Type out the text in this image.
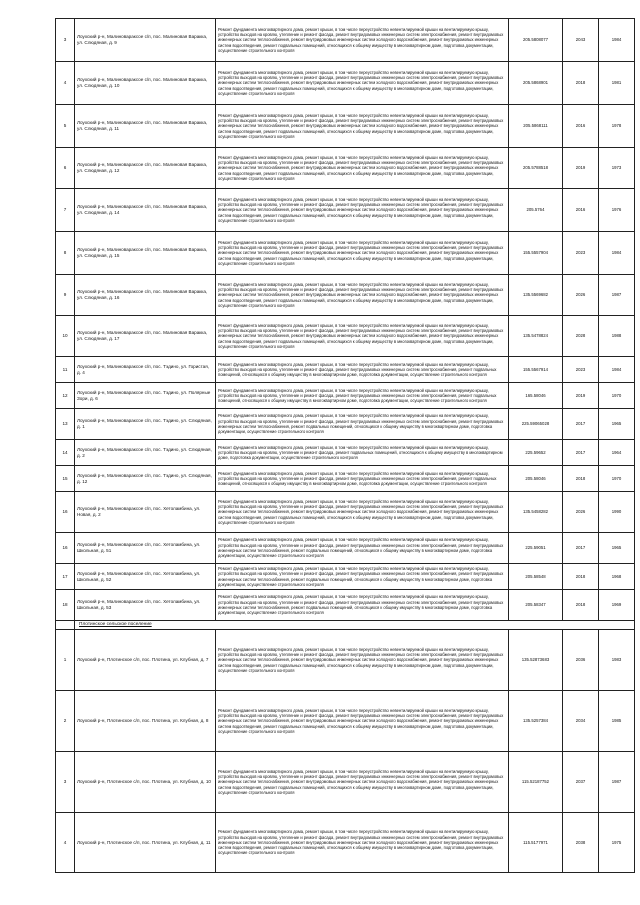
3	Лоухский р-н, Малиновараксое с/п, пос. Малиновая Варакка, ул. Слюдяная, д. 9	Ремонт фундамента многоквартирного дома, ремонт крыши, в том числе переустройство невентилируемой крыши на вентилируемую крышу, устройство выходов на кровлю, утепление и ремонт фасада, ремонт внутридомовых инженерных систем электроснабжения, ремонт внутридомовых инженерных систем теплоснабжения, ремонт внутридомовых инженерных систем холодного водоснабжения, ремонт внутридомовых инженерных систем водоотведения, ремонт подвальных помещений, относящихся к общему имуществу в многоквартирном доме, подготовка документации, осуществление строительного контроля	205.5808077	2043	1984
4	Лоухский р-н, Малиновараксое с/п, пос. Малиновая Варакка, ул. Слюдяная, д. 10	Ремонт фундамента многоквартирного дома, ремонт крыши, в том числе переустройство невентилируемой крыши на вентилируемую крышу, устройство выходов на кровлю, утепление и ремонт фасада, ремонт внутридомовых инженерных систем электроснабжения, ремонт внутридомовых инженерных систем теплоснабжения, ремонт внутридомовых инженерных систем холодного водоснабжения, ремонт внутридомовых инженерных систем водоотведения, ремонт подвальных помещений, относящихся к общему имуществу в многоквартирном доме, подготовка документации, осуществление строительного контроля	205.5868901	2018	1981
5	Лоухский р-н, Малиновараксое с/п, пос. Малиновая Варакка, ул. Слюдяная, д. 11	Ремонт фундамента многоквартирного дома, ремонт крыши, в том числе переустройство невентилируемой крыши на вентилируемую крышу, устройство выходов на кровлю, утепление и ремонт фасада, ремонт внутридомовых инженерных систем электроснабжения, ремонт внутридомовых инженерных систем теплоснабжения, ремонт внутридомовых инженерных систем холодного водоснабжения, ремонт внутридомовых инженерных систем водоотведения, ремонт подвальных помещений, относящихся к общему имуществу в многоквартирном доме, подготовка документации, осуществление строительного контроля	205.5868111	2016	1978
6	Лоухский р-н, Малиновараксое с/п, пос. Малиновая Варакка, ул. Слюдяная, д. 12	Ремонт фундамента многоквартирного дома, ремонт крыши, в том числе переустройство невентилируемой крыши на вентилируемую крышу, устройство выходов на кровлю, утепление и ремонт фасада, ремонт внутридомовых инженерных систем электроснабжения, ремонт внутридомовых инженерных систем теплоснабжения, ремонт внутридомовых инженерных систем холодного водоснабжения, ремонт внутридомовых инженерных систем водоотведения, ремонт подвальных помещений, относящихся к общему имуществу в многоквартирном доме, подготовка документации, осуществление строительного контроля	205.5788518	2019	1973
7	Лоухский р-н, Малиновараксое с/п, пос. Малиновая Варакка, ул. Слюдяная, д. 14	Ремонт фундамента многоквартирного дома, ремонт крыши, в том числе переустройство невентилируемой крыши на вентилируемую крышу, устройство выходов на кровлю, утепление и ремонт фасада, ремонт внутридомовых инженерных систем электроснабжения, ремонт внутридомовых инженерных систем теплоснабжения, ремонт внутридомовых инженерных систем холодного водоснабжения, ремонт внутридомовых инженерных систем водоотведения, ремонт подвальных помещений, относящихся к общему имуществу в многоквартирном доме, подготовка документации, осуществление строительного контроля	205.5764	2016	1976
8	Лоухский р-н, Малиновараксое с/п, пос. Малиновая Варакка, ул. Слюдяная, д. 15	Ремонт фундамента многоквартирного дома, ремонт крыши, в том числе переустройство невентилируемой крыши на вентилируемую крышу, устройство выходов на кровлю, утепление и ремонт фасада, ремонт внутридомовых инженерных систем электроснабжения, ремонт внутридомовых инженерных систем теплоснабжения, ремонт внутридомовых инженерных систем холодного водоснабжения, ремонт внутридомовых инженерных систем водоотведения, ремонт подвальных помещений, относящихся к общему имуществу в многоквартирном доме, подготовка документации, осуществление строительного контроля	155.5557904	2023	1984
9	Лоухский р-н, Малиновараксое с/п, пос. Малиновая Варакка, ул. Слюдяная, д. 16	Ремонт фундамента многоквартирного дома, ремонт крыши, в том числе переустройство невентилируемой крыши на вентилируемую крышу, устройство выходов на кровлю, утепление и ремонт фасада, ремонт внутридомовых инженерных систем электроснабжения, ремонт внутридомовых инженерных систем теплоснабжения, ремонт внутридомовых инженерных систем холодного водоснабжения, ремонт внутридомовых инженерных систем водоотведения, ремонт подвальных помещений, относящихся к общему имуществу в многоквартирном доме, подготовка документации, осуществление строительного контроля	135.5569682	2026	1987
10	Лоухский р-н, Малиновараксое с/п, пос. Малиновая Варакка, ул. Слюдяная, д. 17	Ремонт фундамента многоквартирного дома, ремонт крыши, в том числе переустройство невентилируемой крыши на вентилируемую крышу, устройство выходов на кровлю, утепление и ремонт фасада, ремонт внутридомовых инженерных систем электроснабжения, ремонт внутридомовых инженерных систем теплоснабжения, ремонт внутридомовых инженерных систем холодного водоснабжения, ремонт внутридомовых инженерных систем водоотведения, ремонт подвальных помещений, относящихся к общему имуществу в многоквартирном доме, подготовка документации, осуществление строительного контроля	135.5478824	2028	1988
11	Лоухский р-н, Малиновараксое с/п, пос. Тэдино, ул. Гористая, д. 4	Ремонт фундамента многоквартирного дома, ремонт крыши, в том числе переустройство невентилируемой крыши на вентилируемую крышу, устройство выходов на кровлю, утепление и ремонт фасада, ремонт внутридомовых инженерных систем электроснабжения, ремонт подвальных помещений, относящихся к общему имуществу в многоквартирном доме, подготовка документации, осуществление строительного контроля	155.5567914	2023	1984
12	Лоухский р-н, Малиновараксое с/п, пос. Тэдино, ул. Полярные Зори, д. 6	Ремонт фундамента многоквартирного дома, ремонт крыши, в том числе переустройство невентилируемой крыши на вентилируемую крышу, устройство выходов на кровлю, утепление и ремонт фасада, ремонт внутридомовых инженерных систем электроснабжения, ремонт подвальных помещений, относящихся к общему имуществу в многоквартирном доме, подготовка документации, осуществление строительного контроля	165.58046	2019	1970
13	Лоухский р-н, Малиновараксое с/п, пос. Тэдино, ул. Слюдяная, д. 1	Ремонт фундамента многоквартирного дома, ремонт крыши, в том числе переустройство невентилируемой крыши на вентилируемую крышу, устройство выходов на кровлю, утепление и ремонт фасада, ремонт внутридомовых инженерных систем электроснабжения, ремонт внутридомовых инженерных систем теплоснабжения, ремонт подвальных помещений, относящихся к общему имуществу в многоквартирном доме, подготовка документации, осуществление строительного контроля	225.59065028	2017	1965
14	Лоухский р-н, Малиновараксое с/п, пос. Тэдино, ул. Слюдяная, д. 2	Ремонт фундамента многоквартирного дома, ремонт крыши, в том числе переустройство невентилируемой крыши на вентилируемую крышу, устройство выходов на кровлю, утепление и ремонт фасада, ремонт подвальных помещений, относящихся к общему имуществу в многоквартирном доме, подготовка документации, осуществление строительного контроля	225.59652	2017	1964
15	Лоухский р-н, Малиновараксое с/п, пос. Тэдино, ул. Слюдяная, д. 12	Ремонт фундамента многоквартирного дома, ремонт крыши, в том числе переустройство невентилируемой крыши на вентилируемую крышу, устройство выходов на кровлю, утепление и ремонт фасада, ремонт внутридомовых инженерных систем электроснабжения, ремонт подвальных помещений, относящихся к общему имуществу в многоквартирном доме, подготовка документации, осуществление строительного контроля	205.58046	2018	1970
16	Лоухский р-н, Малиновараксое с/п, пос. Хетоламбина, ул. Новая, д. 2	Ремонт фундамента многоквартирного дома, ремонт крыши, в том числе переустройство невентилируемой крыши на вентилируемую крышу, устройство выходов на кровлю, утепление и ремонт фасада, ремонт внутридомовых инженерных систем электроснабжения, ремонт внутридомовых инженерных систем теплоснабжения, ремонт внутридомовых инженерных систем холодного водоснабжения, ремонт внутридомовых инженерных систем водоотведения, ремонт подвальных помещений, относящихся к общему имуществу в многоквартирном доме, подготовка документации, осуществление строительного контроля	135.5458282	2026	1990
16	Лоухский р-н, Малиновараксое с/п, пос. Хетоламбина, ул. Школьная, д. 51	Ремонт фундамента многоквартирного дома, ремонт крыши, в том числе переустройство невентилируемой крыши на вентилируемую крышу, устройство выходов на кровлю, утепление и ремонт фасада, ремонт внутридомовых инженерных систем электроснабжения, ремонт внутридомовых инженерных систем теплоснабжения, ремонт подвальных помещений, относящихся к общему имуществу в многоквартирном доме, подготовка документации, осуществление строительного контроля	225.59051	2017	1965
17	Лоухский р-н, Малиновараксое с/п, пос. Хетоламбина, ул. Школьная, д. 52	Ремонт фундамента многоквартирного дома, ремонт крыши, в том числе переустройство невентилируемой крыши на вентилируемую крышу, устройство выходов на кровлю, утепление и ремонт фасада, ремонт внутридомовых инженерных систем электроснабжения, ремонт внутридомовых инженерных систем теплоснабжения, ремонт подвальных помещений, относящихся к общему имуществу в многоквартирном доме, подготовка документации, осуществление строительного контроля	205.58548	2018	1968
18	Лоухский р-н, Малиновараксое с/п, пос. Хетоламбина, ул. Школьная, д. 53	Ремонт фундамента многоквартирного дома, ремонт крыши, в том числе переустройство невентилируемой крыши на вентилируемую крышу, устройство выходов на кровлю, утепление и ремонт фасада, ремонт внутридомовых инженерных систем электроснабжения, ремонт внутридомовых инженерных систем теплоснабжения, ремонт подвальных помещений, относящихся к общему имуществу в многоквартирном доме, подготовка документации, осуществление строительного контроля	205.58347	2018	1969
	Плотинское сельское поселение				
1	Лоухский р-н, Плотинское с/п, пос. Плотина, ул. Клубная, д. 7	Ремонт фундамента многоквартирного дома, ремонт крыши, в том числе переустройство невентилируемой крыши на вентилируемую крышу, устройство выходов на кровлю, утепление и ремонт фасада, ремонт внутридомовых инженерных систем электроснабжения, ремонт внутридомовых инженерных систем теплоснабжения, ремонт внутридомовых инженерных систем холодного водоснабжения, ремонт внутридомовых инженерных систем водоотведения, ремонт подвальных помещений, относящихся к общему имуществу в многоквартирном доме, подготовка документации, осуществление строительного контроля	135.52873683	2036	1983
2	Лоухский р-н, Плотинское с/п, пос. Плотина, ул. Клубная, д. 8	Ремонт фундамента многоквартирного дома, ремонт крыши, в том числе переустройство невентилируемой крыши на вентилируемую крышу, устройство выходов на кровлю, утепление и ремонт фасада, ремонт внутридомовых инженерных систем электроснабжения, ремонт внутридомовых инженерных систем теплоснабжения, ремонт внутридомовых инженерных систем холодного водоснабжения, ремонт внутридомовых инженерных систем водоотведения, ремонт подвальных помещений, относящихся к общему имуществу в многоквартирном доме, подготовка документации, осуществление строительного контроля	135.5257384	2034	1985
3	Лоухский р-н, Плотинское с/п, пос. Плотина, ул. Клубная, д. 10	Ремонт фундамента многоквартирного дома, ремонт крыши, в том числе переустройство невентилируемой крыши на вентилируемую крышу, устройство выходов на кровлю, утепление и ремонт фасада, ремонт внутридомовых инженерных систем электроснабжения, ремонт внутридомовых инженерных систем теплоснабжения, ремонт внутридомовых инженерных систем холодного водоснабжения, ремонт внутридомовых инженерных систем водоотведения, ремонт подвальных помещений, относящихся к общему имуществу в многоквартирном доме, подготовка документации, осуществление строительного контроля	115.52187752	2037	1987
4	Лоухский р-н, Плотинское с/п, пос. Плотина, ул. Клубная, д. 11	Ремонт фундамента многоквартирного дома, ремонт крыши, в том числе переустройство невентилируемой крыши на вентилируемую крышу, устройство выходов на кровлю, утепление и ремонт фасада, ремонт внутридомовых инженерных систем электроснабжения, ремонт внутридомовых инженерных систем теплоснабжения, ремонт внутридомовых инженерных систем холодного водоснабжения, ремонт внутридомовых инженерных систем водоотведения, ремонт подвальных помещений, относящихся к общему имуществу в многоквартирном доме, подготовка документации, осуществление строительного контроля	115.5177971	2038	1975
